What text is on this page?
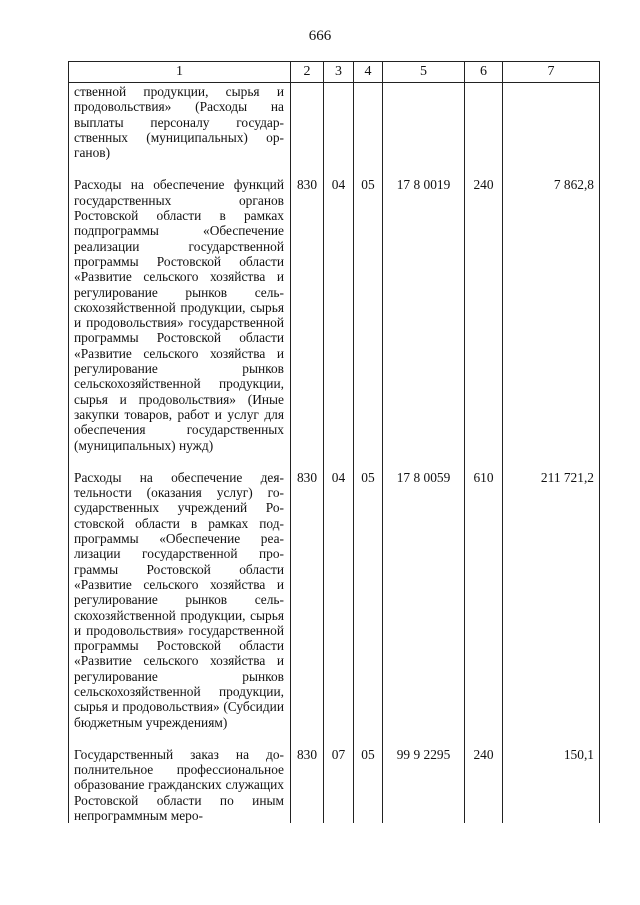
666
1	2	3	4	5	6	7
ственной продукции, сырья и продовольствия» (Расходы на выплаты персоналу государственных (муниципальных) органов)						
Расходы на обеспечение функций государственных органов Ростовской области в рамках подпрограммы «Обеспечение реализации государственной программы Ростовской области «Развитие сельского хозяйства и регулирование рынков сельскохозяйственной продукции, сырья и продовольствия» государственной программы Ростовской области «Развитие сельского хозяйства и регулирование рынков сельскохозяйственной продукции, сырья и продовольствия» (Иные закупки товаров, работ и услуг для обеспечения государственных (муниципальных) нужд)	830	04	05	17 8 0019	240	7 862,8
Расходы на обеспечение деятельности (оказания услуг) государственных учреждений Ростовской области в рамках подпрограммы «Обеспечение реализации государственной программы Ростовской области «Развитие сельского хозяйства и регулирование рынков сельскохозяйственной продукции, сырья и продовольствия» государственной программы Ростовской области «Развитие сельского хозяйства и регулирование рынков сельскохозяйственной продукции, сырья и продовольствия» (Субсидии бюджетным учреждениям)	830	04	05	17 8 0059	610	211 721,2
Государственный заказ на дополнительное профессиональное образование гражданских служащих Ростовской области по иным непрограммным меро-	830	07	05	99 9 2295	240	150,1
